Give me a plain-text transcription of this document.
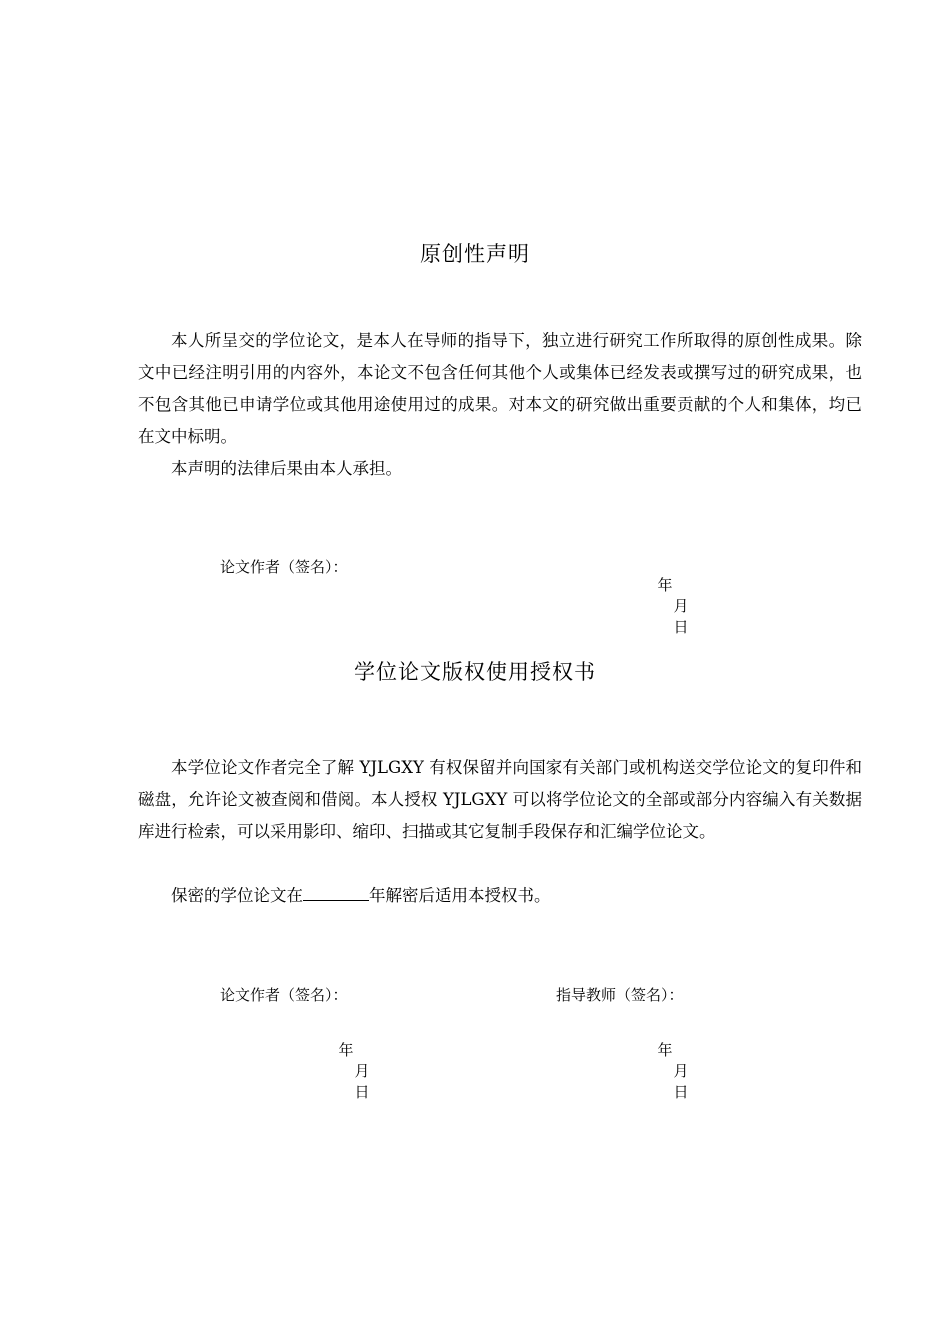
原创性声明

本人所呈交的学位论文，是本人在导师的指导下，独立进行研究工作所取得的原创性成果。除文中已经注明引用的内容外，本论文不包含任何其他个人或集体已经发表或撰写过的研究成果，也不包含其他已申请学位或其他用途使用过的成果。对本文的研究做出重要贡献的个人和集体，均已在文中标明。

本声明的法律后果由本人承担。

论文作者（签名）：

年
月
日

学位论文版权使用授权书

本学位论文作者完全了解 YJLGXY 有权保留并向国家有关部门或机构送交学位论文的复印件和磁盘，允许论文被查阅和借阅。本人授权 YJLGXY 可以将学位论文的全部或部分内容编入有关数据库进行检索，可以采用影印、缩印、扫描或其它复制手段保存和汇编学位论文。

保密的学位论文在	年解密后适用本授权书。

论文作者（签名）：	指导教师（签名）：

年
月
日

年
月
日
